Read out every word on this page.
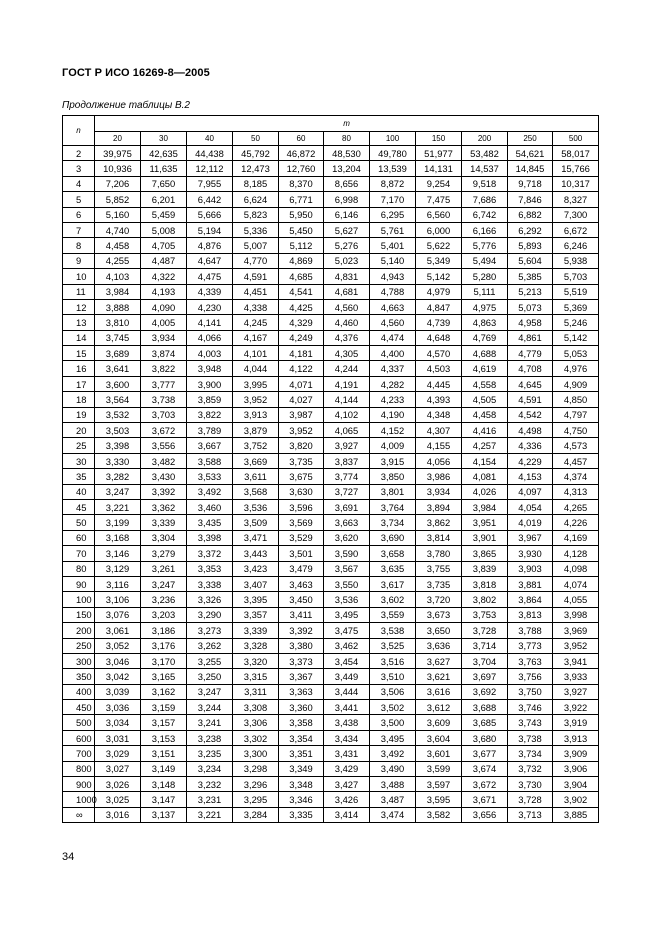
ГОСТ Р ИСО 16269-8—2005
Продолжение таблицы В.2
n	m										
	20	30	40	50	60	80	100	150	200	250	500
2	39,975	42,635	44,438	45,792	46,872	48,530	49,780	51,977	53,482	54,621	58,017
3	10,936	11,635	12,112	12,473	12,760	13,204	13,539	14,131	14,537	14,845	15,766
4	7,206	7,650	7,955	8,185	8,370	8,656	8,872	9,254	9,518	9,718	10,317
5	5,852	6,201	6,442	6,624	6,771	6,998	7,170	7,475	7,686	7,846	8,327
6	5,160	5,459	5,666	5,823	5,950	6,146	6,295	6,560	6,742	6,882	7,300
7	4,740	5,008	5,194	5,336	5,450	5,627	5,761	6,000	6,166	6,292	6,672
8	4,458	4,705	4,876	5,007	5,112	5,276	5,401	5,622	5,776	5,893	6,246
9	4,255	4,487	4,647	4,770	4,869	5,023	5,140	5,349	5,494	5,604	5,938
10	4,103	4,322	4,475	4,591	4,685	4,831	4,943	5,142	5,280	5,385	5,703
11	3,984	4,193	4,339	4,451	4,541	4,681	4,788	4,979	5,111	5,213	5,519
12	3,888	4,090	4,230	4,338	4,425	4,560	4,663	4,847	4,975	5,073	5,369
13	3,810	4,005	4,141	4,245	4,329	4,460	4,560	4,739	4,863	4,958	5,246
14	3,745	3,934	4,066	4,167	4,249	4,376	4,474	4,648	4,769	4,861	5,142
15	3,689	3,874	4,003	4,101	4,181	4,305	4,400	4,570	4,688	4,779	5,053
16	3,641	3,822	3,948	4,044	4,122	4,244	4,337	4,503	4,619	4,708	4,976
17	3,600	3,777	3,900	3,995	4,071	4,191	4,282	4,445	4,558	4,645	4,909
18	3,564	3,738	3,859	3,952	4,027	4,144	4,233	4,393	4,505	4,591	4,850
19	3,532	3,703	3,822	3,913	3,987	4,102	4,190	4,348	4,458	4,542	4,797
20	3,503	3,672	3,789	3,879	3,952	4,065	4,152	4,307	4,416	4,498	4,750
25	3,398	3,556	3,667	3,752	3,820	3,927	4,009	4,155	4,257	4,336	4,573
30	3,330	3,482	3,588	3,669	3,735	3,837	3,915	4,056	4,154	4,229	4,457
35	3,282	3,430	3,533	3,611	3,675	3,774	3,850	3,986	4,081	4,153	4,374
40	3,247	3,392	3,492	3,568	3,630	3,727	3,801	3,934	4,026	4,097	4,313
45	3,221	3,362	3,460	3,536	3,596	3,691	3,764	3,894	3,984	4,054	4,265
50	3,199	3,339	3,435	3,509	3,569	3,663	3,734	3,862	3,951	4,019	4,226
60	3,168	3,304	3,398	3,471	3,529	3,620	3,690	3,814	3,901	3,967	4,169
70	3,146	3,279	3,372	3,443	3,501	3,590	3,658	3,780	3,865	3,930	4,128
80	3,129	3,261	3,353	3,423	3,479	3,567	3,635	3,755	3,839	3,903	4,098
90	3,116	3,247	3,338	3,407	3,463	3,550	3,617	3,735	3,818	3,881	4,074
100	3,106	3,236	3,326	3,395	3,450	3,536	3,602	3,720	3,802	3,864	4,055
150	3,076	3,203	3,290	3,357	3,411	3,495	3,559	3,673	3,753	3,813	3,998
200	3,061	3,186	3,273	3,339	3,392	3,475	3,538	3,650	3,728	3,788	3,969
250	3,052	3,176	3,262	3,328	3,380	3,462	3,525	3,636	3,714	3,773	3,952
300	3,046	3,170	3,255	3,320	3,373	3,454	3,516	3,627	3,704	3,763	3,941
350	3,042	3,165	3,250	3,315	3,367	3,449	3,510	3,621	3,697	3,756	3,933
400	3,039	3,162	3,247	3,311	3,363	3,444	3,506	3,616	3,692	3,750	3,927
450	3,036	3,159	3,244	3,308	3,360	3,441	3,502	3,612	3,688	3,746	3,922
500	3,034	3,157	3,241	3,306	3,358	3,438	3,500	3,609	3,685	3,743	3,919
600	3,031	3,153	3,238	3,302	3,354	3,434	3,495	3,604	3,680	3,738	3,913
700	3,029	3,151	3,235	3,300	3,351	3,431	3,492	3,601	3,677	3,734	3,909
800	3,027	3,149	3,234	3,298	3,349	3,429	3,490	3,599	3,674	3,732	3,906
900	3,026	3,148	3,232	3,296	3,348	3,427	3,488	3,597	3,672	3,730	3,904
1000	3,025	3,147	3,231	3,295	3,346	3,426	3,487	3,595	3,671	3,728	3,902
∞	3,016	3,137	3,221	3,284	3,335	3,414	3,474	3,582	3,656	3,713	3,885
34
